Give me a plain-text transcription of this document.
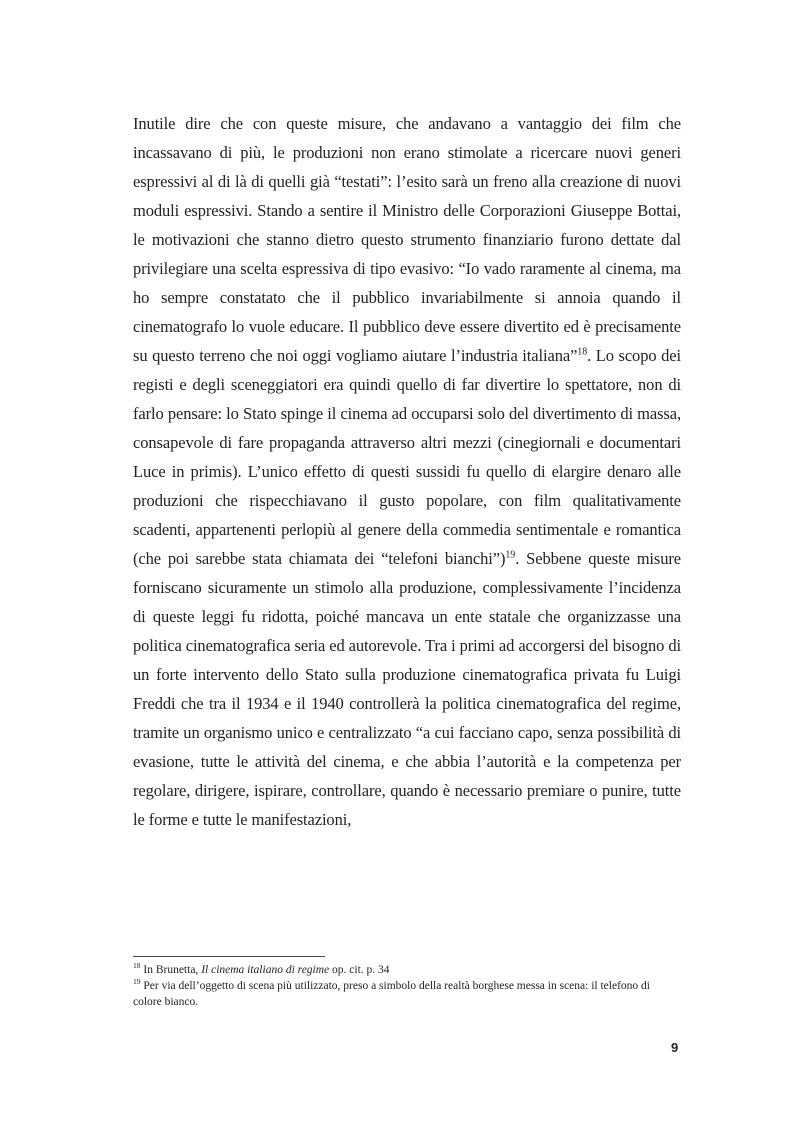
Inutile dire che con queste misure, che andavano a vantaggio dei film che incassavano di più, le produzioni non erano stimolate a ricercare nuovi generi espressivi al di là di quelli già “testati”: l’esito sarà un freno alla creazione di nuovi moduli espressivi. Stando a sentire il Ministro delle Corporazioni Giuseppe Bottai, le motivazioni che stanno dietro questo strumento finanziario furono dettate dal privilegiare una scelta espressiva di tipo evasivo: “Io vado raramente al cinema, ma ho sempre constatato che il pubblico invariabilmente si annoia quando il cinematografo lo vuole educare. Il pubblico deve essere divertito ed è precisamente su questo terreno che noi oggi vogliamo aiutare l’industria italiana”$^{18}$. Lo scopo dei registi e degli sceneggiatori era quindi quello di far divertire lo spettatore, non di farlo pensare: lo Stato spinge il cinema ad occuparsi solo del divertimento di massa, consapevole di fare propaganda attraverso altri mezzi (cinegiornali e documentari Luce in primis). L’unico effetto di questi sussidi fu quello di elargire denaro alle produzioni che rispecchiavano il gusto popolare, con film qualitativamente scadenti, appartenenti perlopiù al genere della commedia sentimentale e romantica (che poi sarebbe stata chiamata dei “telefoni bianchi”)$^{19}$. Sebbene queste misure forniscano sicuramente un stimolo alla produzione, complessivamente l’incidenza di queste leggi fu ridotta, poiché mancava un ente statale che organizzasse una politica cinematografica seria ed autorevole. Tra i primi ad accorgersi del bisogno di un forte intervento dello Stato sulla produzione cinematografica privata fu Luigi Freddi che tra il 1934 e il 1940 controllerà la politica cinematografica del regime, tramite un organismo unico e centralizzato “a cui facciano capo, senza possibilità di evasione, tutte le attività del cinema, e che abbia l’autorità e la competenza per regolare, dirigere, ispirare, controllare, quando è necessario premiare o punire, tutte le forme e tutte le manifestazioni,

$^{18}$ In Brunetta, Il cinema italiano di regime op. cit. p. 34

$^{19}$ Per via dell’oggetto di scena più utilizzato, preso a simbolo della realtà borghese messa in scena: il telefono di colore bianco.

9
